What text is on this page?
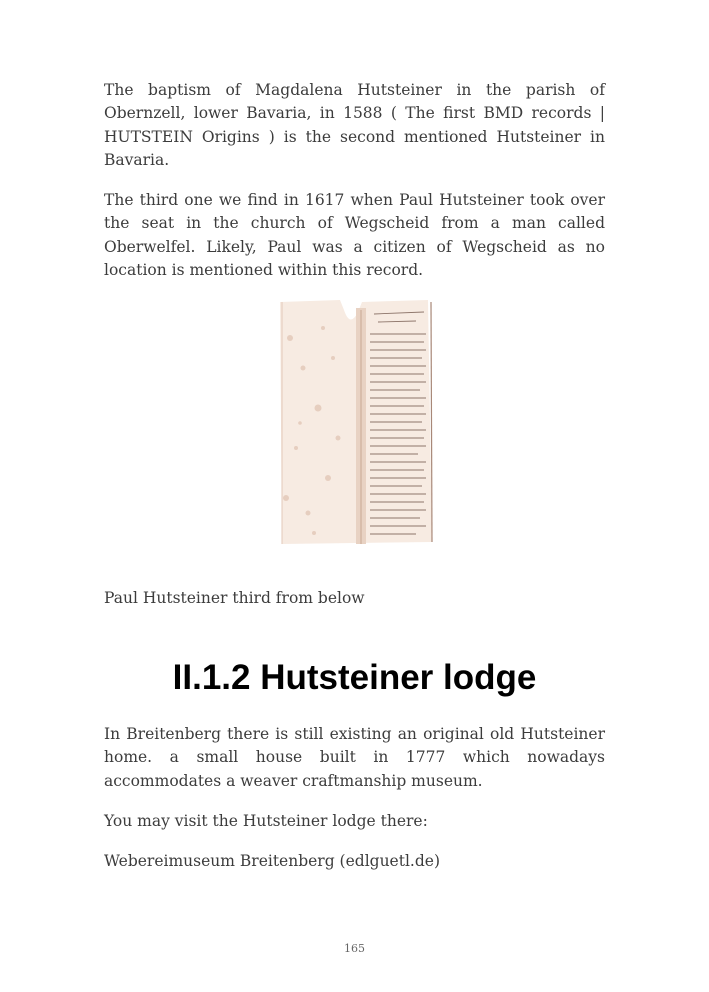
The baptism of Magdalena Hutsteiner in the parish of Obernzell, lower Bavaria, in 1588 ( The first BMD records | HUTSTEIN Origins ) is the second mentioned Hutsteiner in Bavaria.

The third one we find in 1617 when Paul Hutsteiner took over the seat in the church of Wegscheid from a man called Oberwelfel. Likely, Paul was a citizen of Wegscheid as no location is mentioned within this record.

Paul Hutsteiner third from below

II.1.2 Hutsteiner lodge

In Breitenberg there is still existing an original old Hutsteiner home. a small house built in 1777 which nowadays accommodates a weaver craftmanship museum.

You may visit the Hutsteiner lodge there:

Webereimuseum Breitenberg (edlguetl.de)

165
